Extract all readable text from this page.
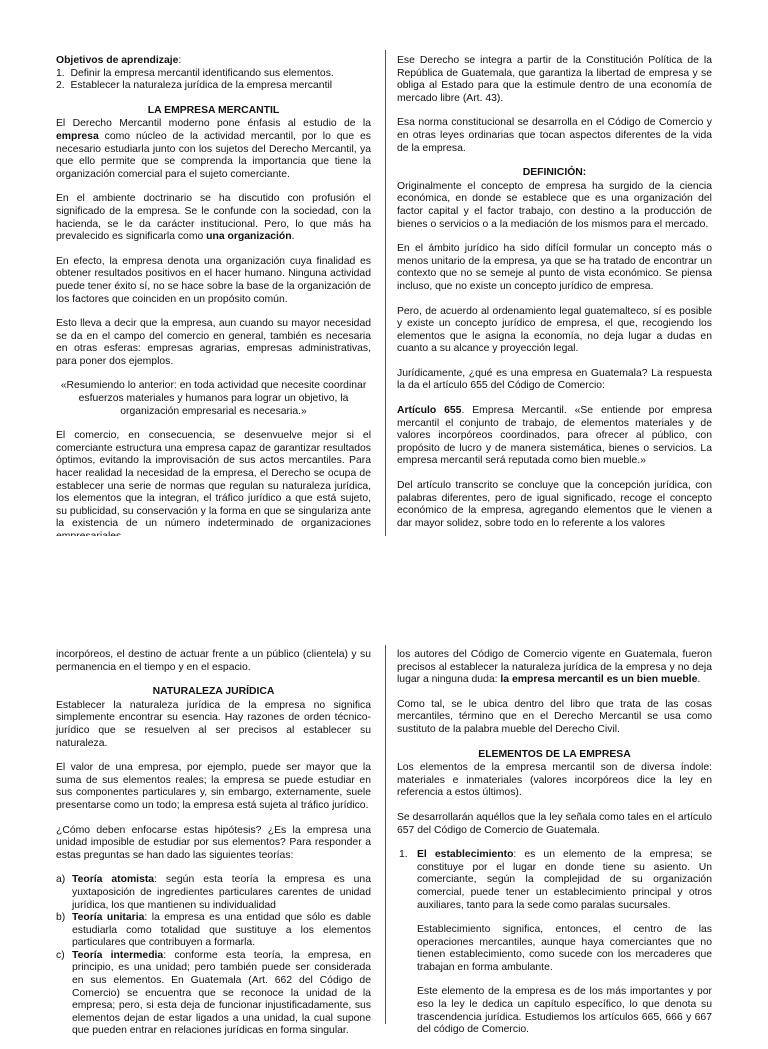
Objetivos de aprendizaje:

1.  Definir la empresa mercantil identificando sus elementos.
2.  Establecer la naturaleza jurídica de la empresa mercantil

LA EMPRESA MERCANTIL

El Derecho Mercantil moderno pone énfasis al estudio de la empresa como núcleo de la actividad mercantil, por lo que es necesario estudiarla junto con los sujetos del Derecho Mercantil, ya que ello permite que se comprenda la importancia que tiene la organización comercial para el sujeto comerciante.

En el ambiente doctrinario se ha discutido con profusión el significado de la empresa. Se le confunde con la sociedad, con la hacienda, se le da carácter institucional. Pero, lo que más ha prevalecido es significarla como una organización.

En efecto, la empresa denota una organización cuya finalidad es obtener resultados positivos en el hacer humano. Ninguna actividad puede tener éxito sí, no se hace sobre la base de la organización de los factores que coinciden en un propósito común.

Esto lleva a decir que la empresa, aun cuando su mayor necesidad se da en el campo del comercio en general, también es necesaria en otras esferas: empresas agrarias, empresas administrativas, para poner dos ejemplos.

«Resumiendo lo anterior: en toda actividad que necesite coordinar esfuerzos materiales y humanos para lograr un objetivo, la organización empresarial es necesaria.»

El comercio, en consecuencia, se desenvuelve mejor si el comerciante estructura una empresa capaz de garantizar resultados óptimos, evitando la improvisación de sus actos mercantiles. Para hacer realidad la necesidad de la empresa, el Derecho se ocupa de establecer una serie de normas que regulan su naturaleza jurídica, los elementos que la integran, el tráfico jurídico a que está sujeto, su publicidad, su conservación y la forma en que se singulariza ante la existencia de un número indeterminado de organizaciones

Ese Derecho se integra a partir de la Constitución Política de la República de Guatemala, que garantiza la libertad de empresa y se obliga al Estado para que la estimule dentro de una economía de mercado libre (Art. 43).

Esa norma constitucional se desarrolla en el Código de Comercio y en otras leyes ordinarias que tocan aspectos diferentes de la vida de la empresa.

DEFINICIÓN:

Originalmente el concepto de empresa ha surgido de la ciencia económica, en donde se establece que es una organización del factor capital y el factor trabajo, con destino a la producción de bienes o servicios o a la mediación de los mismos para el mercado.

En el ámbito jurídico ha sido difícil formular un concepto más o menos unitario de la empresa, ya que se ha tratado de encontrar un contexto que no se semeje al punto de vista económico. Se piensa incluso, que no existe un concepto jurídico de empresa.

Pero, de acuerdo al ordenamiento legal guatemalteco, sí es posible y existe un concepto jurídico de empresa, el que, recogiendo los elementos que le asigna la economía, no deja lugar a dudas en cuanto a su alcance y proyección legal.

Jurídicamente, ¿qué es una empresa en Guatemala? La respuesta la da el artículo 655 del Código de Comercio:

Artículo 655. Empresa Mercantil. «Se entiende por empresa mercantil el conjunto de trabajo, de elementos materiales y de valores incorpóreos coordinados, para ofrecer al público, con propósito de lucro y de manera sistemática, bienes o servicios. La empresa mercantil será reputada como bien mueble.»

Del artículo transcrito se concluye que la concepción jurídica, con palabras diferentes, pero de igual significado, recoge el concepto económico de la empresa, agregando elementos que le vienen a dar mayor solidez, sobre todo en lo referente a los valores

incorpóreos, el destino de actuar frente a un público (clientela) y su permanencia en el tiempo y en el espacio.

NATURALEZA JURÍDICA

Establecer la naturaleza jurídica de la empresa no significa simplemente encontrar su esencia. Hay razones de orden técnico-jurídico que se resuelven al ser precisos al establecer su naturaleza.

El valor de una empresa, por ejemplo, puede ser mayor que la suma de sus elementos reales; la empresa se puede estudiar en sus componentes particulares y, sin embargo, externamente, suele presentarse como un todo; la empresa está sujeta al tráfico jurídico.

¿Cómo deben enfocarse estas hipótesis? ¿Es la empresa una unidad imposible de estudiar por sus elementos? Para responder a estas preguntas se han dado las siguientes teorías:

a) Teoría atomista: según esta teoría la empresa es una yuxtaposición de ingredientes particulares carentes de unidad jurídica, los que mantienen su individualidad
b) Teoría unitaria: la empresa es una entidad que sólo es dable estudiarla como totalidad que sustituye a los elementos particulares que contribuyen a formarla.
c) Teoría intermedia: conforme esta teoría, la empresa, en principio, es una unidad; pero también puede ser considerada en sus elementos. En Guatemala (Art. 662 del Código de Comercio) se encuentra que se reconoce la unidad de la empresa; pero, si esta deja de funcionar injustificadamente, sus elementos dejan de estar ligados a una unidad, la cual supone que pueden entrar en relaciones jurídicas en forma singular.

los autores del Código de Comercio vigente en Guatemala, fueron precisos al establecer la naturaleza jurídica de la empresa y no deja lugar a ninguna duda: la empresa mercantil es un bien mueble.

Como tal, se le ubica dentro del libro que trata de las cosas mercantiles, término que en el Derecho Mercantil se usa como sustituto de la palabra mueble del Derecho Civil.

ELEMENTOS DE LA EMPRESA

Los elementos de la empresa mercantil son de diversa índole: materiales e inmateriales (valores incorpóreos dice la ley en referencia a estos últimos).

Se desarrollarán aquéllos que la ley señala como tales en el artículo 657 del Código de Comercio de Guatemala.

1. El establecimiento: es un elemento de la empresa; se constituye por el lugar en donde tiene su asiento. Un comerciante, según la complejidad de su organización comercial, puede tener un establecimiento principal y otros auxiliares, tanto para la sede como paralas sucursales.

Establecimiento significa, entonces, el centro de las operaciones mercantiles, aunque haya comerciantes que no tienen establecimiento, como sucede con los mercaderes que trabajan en forma ambulante.

Este elemento de la empresa es de los más importantes y por eso la ley le dedica un capítulo específico, lo que denota su trascendencia jurídica. Estudiemos los artículos 665, 666 y 667 del código de Comercio.
